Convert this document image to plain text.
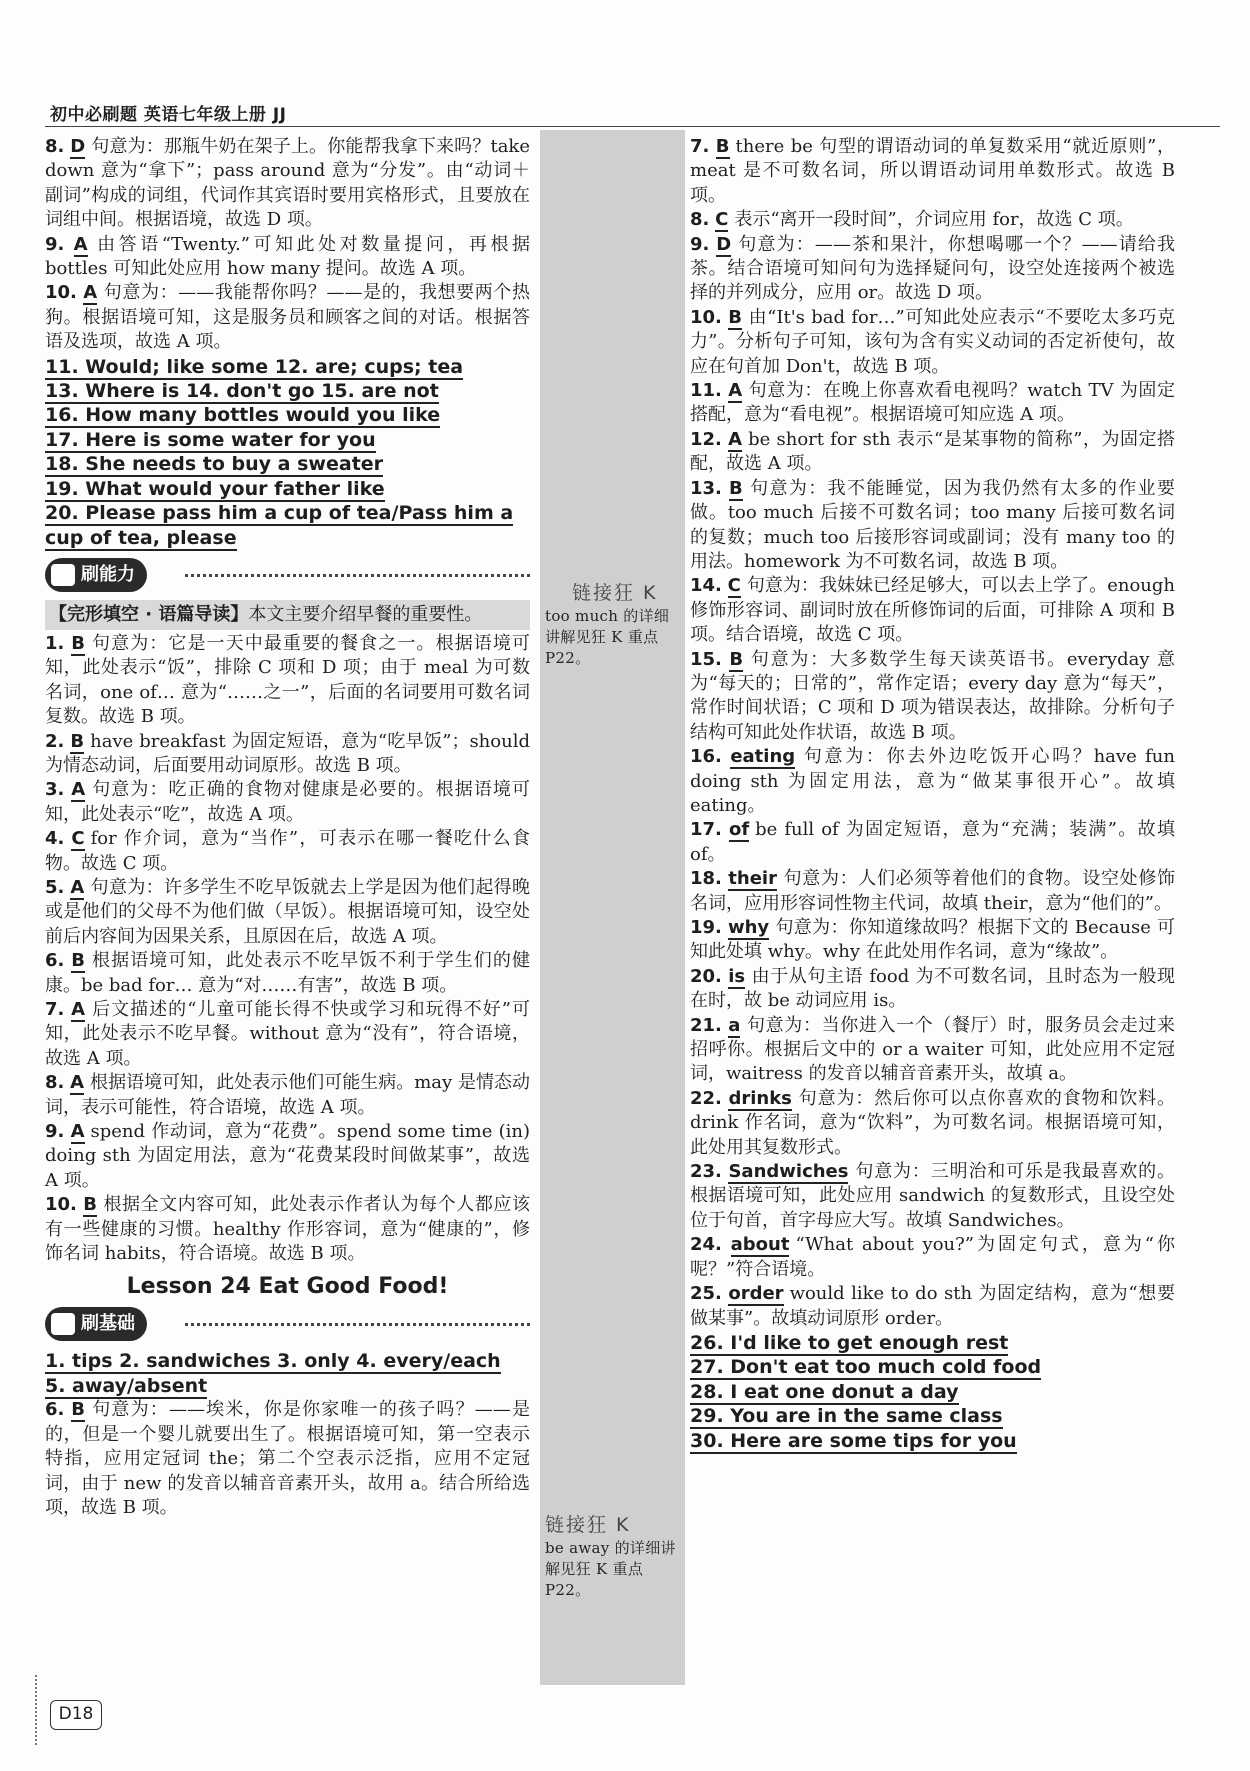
初中必刷题 英语七年级上册 JJ
链接狂 K
too much 的详细讲解见狂 K 重点 P22。
链接狂 K
be away 的详细讲解见狂 K 重点 P22。
8. D 句意为：那瓶牛奶在架子上。你能帮我拿下来吗？take down 意为“拿下”；pass around 意为“分发”。由“动词＋副词”构成的词组，代词作其宾语时要用宾格形式，且要放在词组中间。根据语境，故选 D 项。
9. A 由答语“Twenty.”可知此处对数量提问，再根据 bottles 可知此处应用 how many 提问。故选 A 项。
10. A 句意为：——我能帮你吗？——是的，我想要两个热狗。根据语境可知，这是服务员和顾客之间的对话。根据答语及选项，故选 A 项。
11. Would; like some 12. are; cups; tea
13. Where is 14. don't go 15. are not
16. How many bottles would you like
17. Here is some water for you
18. She needs to buy a sweater
19. What would your father like
20. Please pass him a cup of tea/Pass him a cup of tea, please
刷能力
【完形填空 · 语篇导读】本文主要介绍早餐的重要性。
1. B 句意为：它是一天中最重要的餐食之一。根据语境可知，此处表示“饭”，排除 C 项和 D 项；由于 meal 为可数名词，one of… 意为“……之一”，后面的名词要用可数名词复数。故选 B 项。
2. B have breakfast 为固定短语，意为“吃早饭”；should 为情态动词，后面要用动词原形。故选 B 项。
3. A 句意为：吃正确的食物对健康是必要的。根据语境可知，此处表示“吃”，故选 A 项。
4. C for 作介词，意为“当作”，可表示在哪一餐吃什么食物。故选 C 项。
5. A 句意为：许多学生不吃早饭就去上学是因为他们起得晚或是他们的父母不为他们做（早饭）。根据语境可知，设空处前后内容间为因果关系，且原因在后，故选 A 项。
6. B 根据语境可知，此处表示不吃早饭不利于学生们的健康。be bad for… 意为“对……有害”，故选 B 项。
7. A 后文描述的“儿童可能长得不快或学习和玩得不好”可知，此处表示不吃早餐。without 意为“没有”，符合语境，故选 A 项。
8. A 根据语境可知，此处表示他们可能生病。may 是情态动词，表示可能性，符合语境，故选 A 项。
9. A spend 作动词，意为“花费”。spend some time (in) doing sth 为固定用法，意为“花费某段时间做某事”，故选 A 项。
10. B 根据全文内容可知，此处表示作者认为每个人都应该有一些健康的习惯。healthy 作形容词，意为“健康的”，修饰名词 habits，符合语境。故选 B 项。
Lesson 24 Eat Good Food!
刷基础
1. tips 2. sandwiches 3. only 4. every/each
5. away/absent
6. B 句意为：——埃米，你是你家唯一的孩子吗？——是的，但是一个婴儿就要出生了。根据语境可知，第一空表示特指，应用定冠词 the；第二个空表示泛指，应用不定冠词，由于 new 的发音以辅音音素开头，故用 a。结合所给选项，故选 B 项。
7. B there be 句型的谓语动词的单复数采用“就近原则”，meat 是不可数名词，所以谓语动词用单数形式。故选 B 项。
8. C 表示“离开一段时间”，介词应用 for，故选 C 项。
9. D 句意为：——茶和果汁，你想喝哪一个？——请给我茶。结合语境可知问句为选择疑问句，设空处连接两个被选择的并列成分，应用 or。故选 D 项。
10. B 由“It's bad for…”可知此处应表示“不要吃太多巧克力”。分析句子可知，该句为含有实义动词的否定祈使句，故应在句首加 Don't，故选 B 项。
11. A 句意为：在晚上你喜欢看电视吗？watch TV 为固定搭配，意为“看电视”。根据语境可知应选 A 项。
12. A be short for sth 表示“是某事物的简称”，为固定搭配，故选 A 项。
13. B 句意为：我不能睡觉，因为我仍然有太多的作业要做。too much 后接不可数名词；too many 后接可数名词的复数；much too 后接形容词或副词；没有 many too 的用法。homework 为不可数名词，故选 B 项。
14. C 句意为：我妹妹已经足够大，可以去上学了。enough 修饰形容词、副词时放在所修饰词的后面，可排除 A 项和 B 项。结合语境，故选 C 项。
15. B 句意为：大多数学生每天读英语书。everyday 意为“每天的；日常的”，常作定语；every day 意为“每天”，常作时间状语；C 项和 D 项为错误表达，故排除。分析句子结构可知此处作状语，故选 B 项。
16. eating 句意为：你去外边吃饭开心吗？have fun doing sth 为固定用法，意为“做某事很开心”。故填 eating。
17. of be full of 为固定短语，意为“充满；装满”。故填 of。
18. their 句意为：人们必须等着他们的食物。设空处修饰名词，应用形容词性物主代词，故填 their，意为“他们的”。
19. why 句意为：你知道缘故吗？根据下文的 Because 可知此处填 why。why 在此处用作名词，意为“缘故”。
20. is 由于从句主语 food 为不可数名词，且时态为一般现在时，故 be 动词应用 is。
21. a 句意为：当你进入一个（餐厅）时，服务员会走过来招呼你。根据后文中的 or a waiter 可知，此处应用不定冠词，waitress 的发音以辅音音素开头，故填 a。
22. drinks 句意为：然后你可以点你喜欢的食物和饮料。drink 作名词，意为“饮料”，为可数名词。根据语境可知，此处用其复数形式。
23. Sandwiches 句意为：三明治和可乐是我最喜欢的。根据语境可知，此处应用 sandwich 的复数形式，且设空处位于句首，首字母应大写。故填 Sandwiches。
24. about “What about you?”为固定句式，意为“你呢？”符合语境。
25. order would like to do sth 为固定结构，意为“想要做某事”。故填动词原形 order。
26. I'd like to get enough rest
27. Don't eat too much cold food
28. I eat one donut a day
29. You are in the same class
30. Here are some tips for you
D18
